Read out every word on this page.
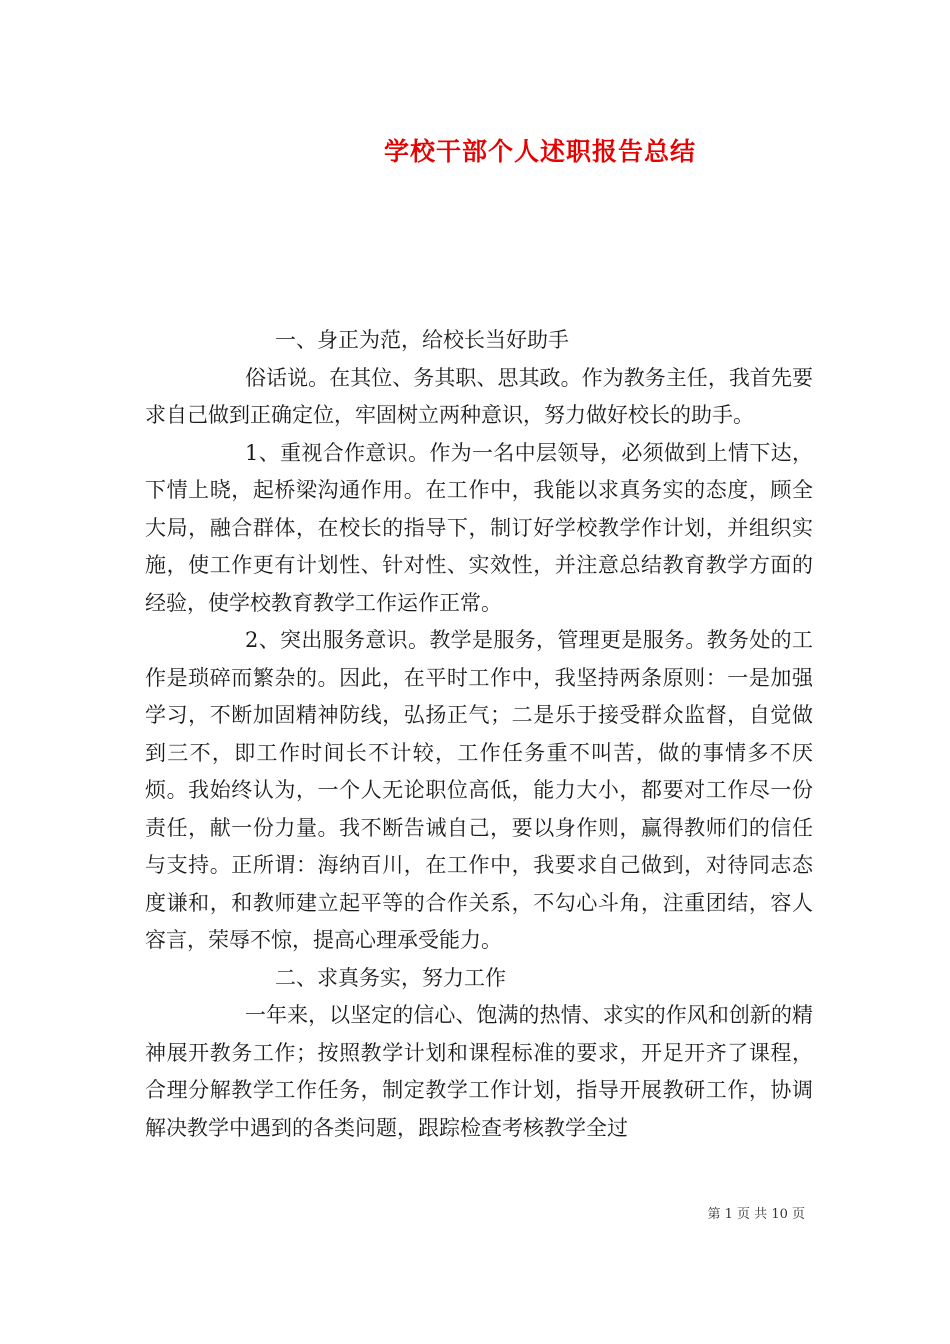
学校干部个人述职报告总结

一、身正为范，给校长当好助手

俗话说。在其位、务其职、思其政。作为教务主任，我首先要求自己做到正确定位，牢固树立两种意识，努力做好校长的助手。

1、重视合作意识。作为一名中层领导，必须做到上情下达，下情上晓，起桥梁沟通作用。在工作中，我能以求真务实的态度，顾全大局，融合群体，在校长的指导下，制订好学校教学作计划，并组织实施，使工作更有计划性、针对性、实效性，并注意总结教育教学方面的经验，使学校教育教学工作运作正常。

2、突出服务意识。教学是服务，管理更是服务。教务处的工作是琐碎而繁杂的。因此，在平时工作中，我坚持两条原则：一是加强学习，不断加固精神防线，弘扬正气；二是乐于接受群众监督，自觉做到三不，即工作时间长不计较，工作任务重不叫苦，做的事情多不厌烦。我始终认为，一个人无论职位高低，能力大小，都要对工作尽一份责任，献一份力量。我不断告诫自己，要以身作则，赢得教师们的信任与支持。正所谓：海纳百川，在工作中，我要求自己做到，对待同志态度谦和，和教师建立起平等的合作关系，不勾心斗角，注重团结，容人容言，荣辱不惊，提高心理承受能力。

二、求真务实，努力工作

一年来，以坚定的信心、饱满的热情、求实的作风和创新的精神展开教务工作；按照教学计划和课程标准的要求，开足开齐了课程，合理分解教学工作任务，制定教学工作计划，指导开展教研工作，协调解决教学中遇到的各类问题，跟踪检查考核教学全过

第 1 页 共 10 页
